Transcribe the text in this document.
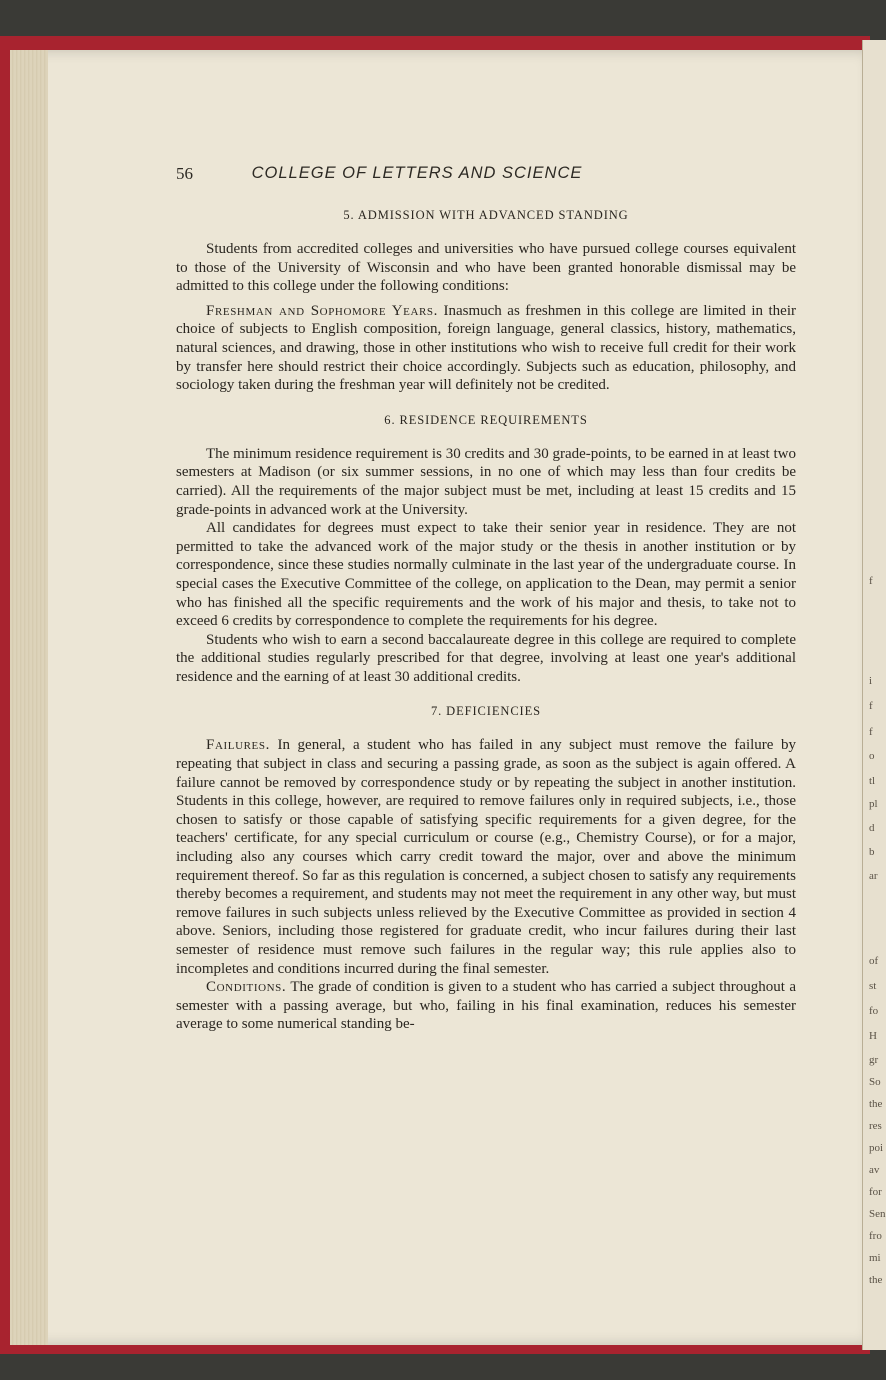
f
i
f
f
o
tl
pl
d
b
ar
of
st
fo
H
gr
So
the
res
poi
av
for
Sen
fro
mi
the
56	COLLEGE OF LETTERS AND SCIENCE
5. ADMISSION WITH ADVANCED STANDING

Students from accredited colleges and universities who have pursued college courses equivalent to those of the University of Wisconsin and who have been granted honorable dismissal may be admitted to this college under the following conditions:

Freshman and Sophomore Years. Inasmuch as freshmen in this college are limited in their choice of subjects to English composition, foreign language, general classics, history, mathematics, natural sciences, and drawing, those in other institutions who wish to receive full credit for their work by transfer here should restrict their choice accordingly. Subjects such as education, philosophy, and sociology taken during the freshman year will definitely not be credited.

6. RESIDENCE REQUIREMENTS

The minimum residence requirement is 30 credits and 30 grade-points, to be earned in at least two semesters at Madison (or six summer sessions, in no one of which may less than four credits be carried). All the requirements of the major subject must be met, including at least 15 credits and 15 grade-points in advanced work at the University.

All candidates for degrees must expect to take their senior year in residence. They are not permitted to take the advanced work of the major study or the thesis in another institution or by correspondence, since these studies normally culminate in the last year of the undergraduate course. In special cases the Executive Committee of the college, on application to the Dean, may permit a senior who has finished all the specific requirements and the work of his major and thesis, to take not to exceed 6 credits by correspondence to complete the requirements for his degree.

Students who wish to earn a second baccalaureate degree in this college are required to complete the additional studies regularly prescribed for that degree, involving at least one year's additional residence and the earning of at least 30 additional credits.

7. DEFICIENCIES

Failures. In general, a student who has failed in any subject must remove the failure by repeating that subject in class and securing a passing grade, as soon as the subject is again offered. A failure cannot be removed by correspondence study or by repeating the subject in another institution. Students in this college, however, are required to remove failures only in required subjects, i.e., those chosen to satisfy or those capable of satisfying specific requirements for a given degree, for the teachers' certificate, for any special curriculum or course (e.g., Chemistry Course), or for a major, including also any courses which carry credit toward the major, over and above the minimum requirement thereof. So far as this regulation is concerned, a subject chosen to satisfy any requirements thereby becomes a requirement, and students may not meet the requirement in any other way, but must remove failures in such subjects unless relieved by the Executive Committee as provided in section 4 above. Seniors, including those registered for graduate credit, who incur failures during their last semester of residence must remove such failures in the regular way; this rule applies also to incompletes and conditions incurred during the final semester.

Conditions. The grade of condition is given to a student who has carried a subject throughout a semester with a passing average, but who, failing in his final examination, reduces his semester average to some numerical standing be-
